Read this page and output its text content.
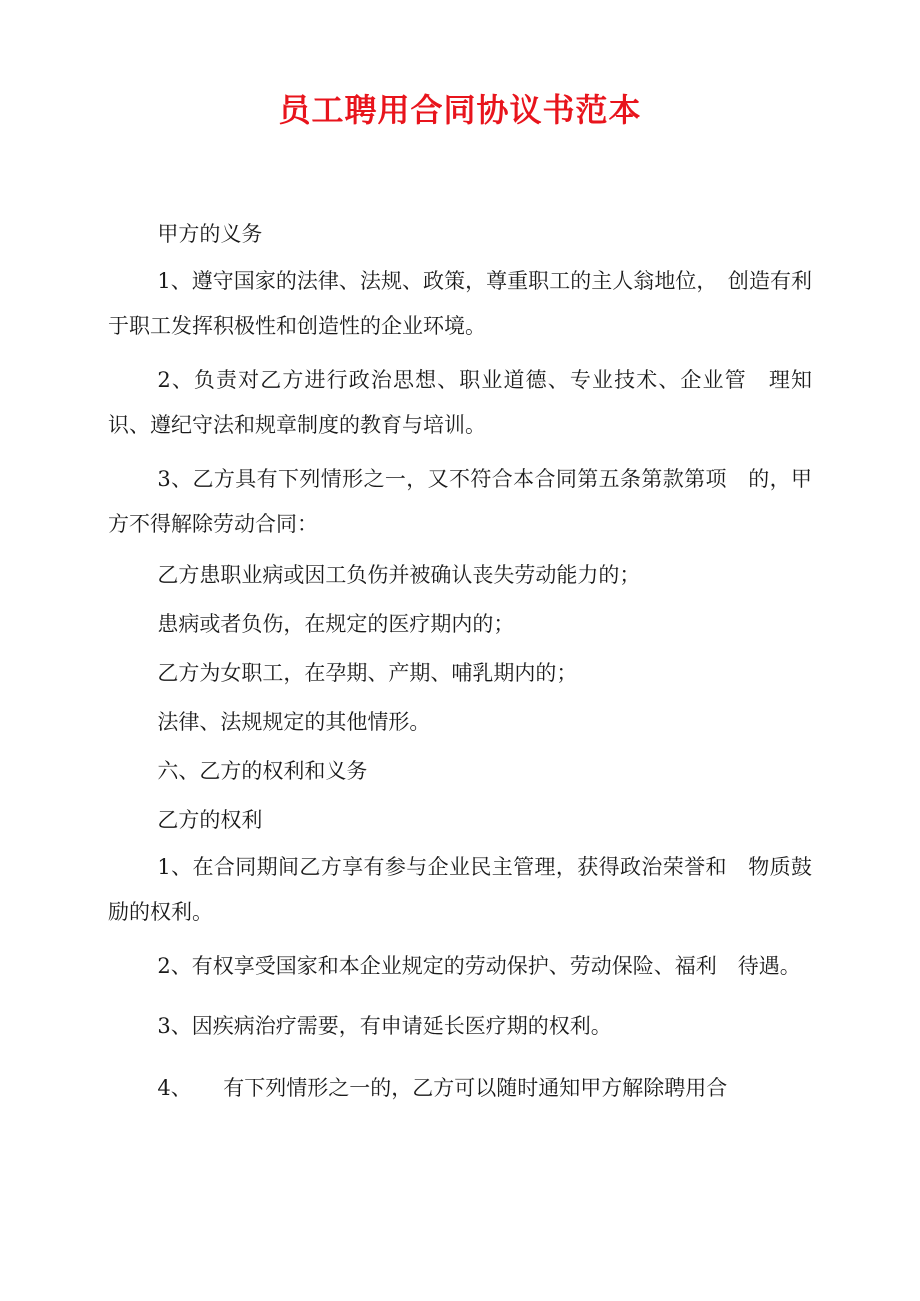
员工聘用合同协议书范本

甲方的义务

1、遵守国家的法律、法规、政策，尊重职工的主人翁地位，　创造有利于职工发挥积极性和创造性的企业环境。

2、负责对乙方进行政治思想、职业道德、专业技术、企业管　理知识、遵纪守法和规章制度的教育与培训。

3、乙方具有下列情形之一，又不符合本合同第五条第款第项　的，甲方不得解除劳动合同：

乙方患职业病或因工负伤并被确认丧失劳动能力的；

患病或者负伤，在规定的医疗期内的；

乙方为女职工，在孕期、产期、哺乳期内的；

法律、法规规定的其他情形。

六、乙方的权利和义务

乙方的权利

1、在合同期间乙方享有参与企业民主管理，获得政治荣誉和　物质鼓励的权利。

2、有权享受国家和本企业规定的劳动保护、劳动保险、福利　待遇。

3、因疾病治疗需要，有申请延长医疗期的权利。

4、　　有下列情形之一的，乙方可以随时通知甲方解除聘用合
